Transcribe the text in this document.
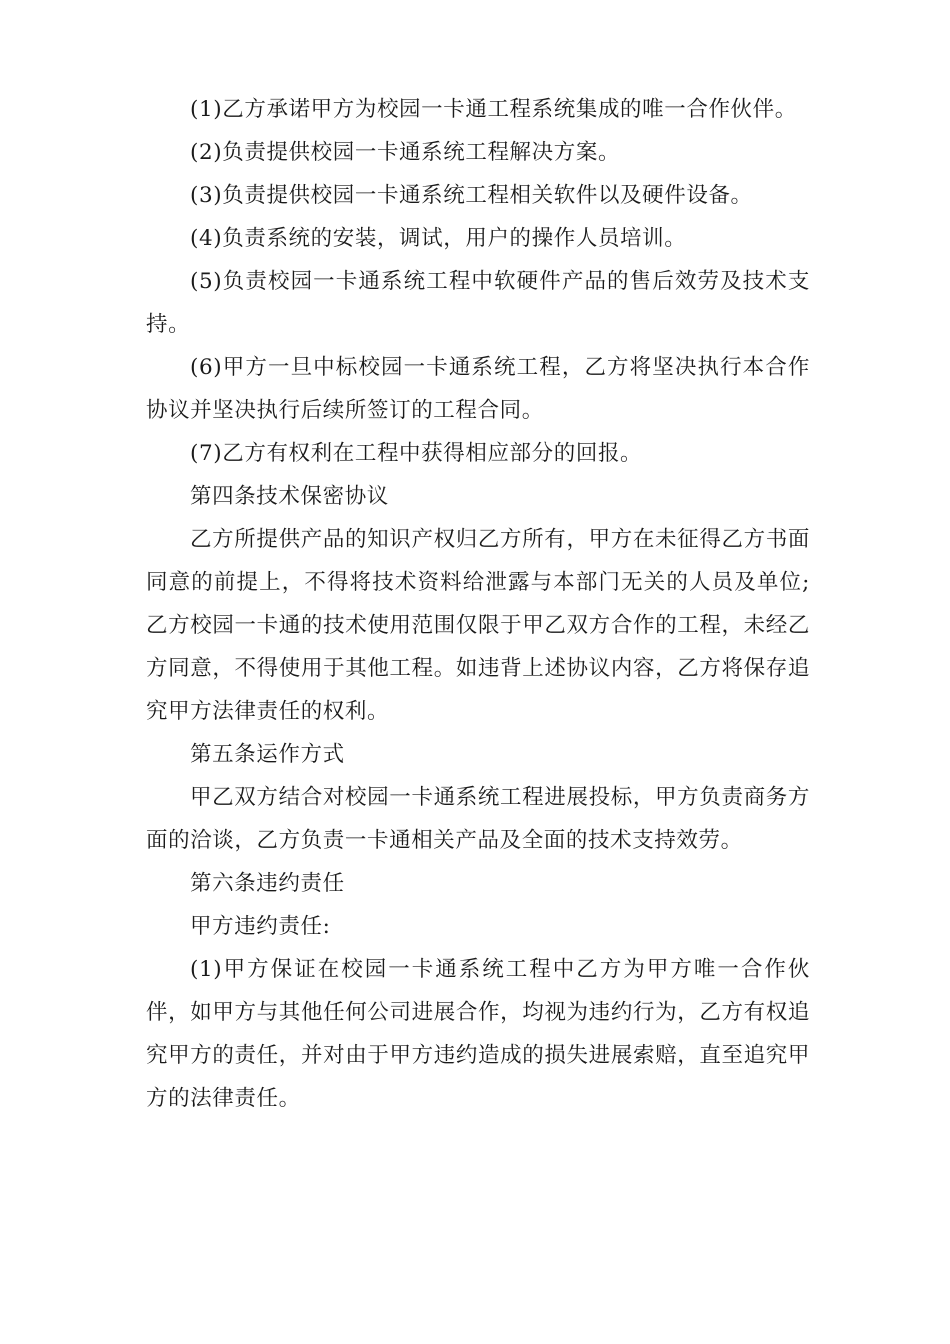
(1)乙方承诺甲方为校园一卡通工程系统集成的唯一合作伙伴。

(2)负责提供校园一卡通系统工程解决方案。

(3)负责提供校园一卡通系统工程相关软件以及硬件设备。

(4)负责系统的安装，调试，用户的操作人员培训。

(5)负责校园一卡通系统工程中软硬件产品的售后效劳及技术支持。

(6)甲方一旦中标校园一卡通系统工程，乙方将坚决执行本合作协议并坚决执行后续所签订的工程合同。

(7)乙方有权利在工程中获得相应部分的回报。

第四条技术保密协议

乙方所提供产品的知识产权归乙方所有，甲方在未征得乙方书面同意的前提上，不得将技术资料给泄露与本部门无关的人员及单位;乙方校园一卡通的技术使用范围仅限于甲乙双方合作的工程，未经乙方同意，不得使用于其他工程。如违背上述协议内容，乙方将保存追究甲方法律责任的权利。

第五条运作方式

甲乙双方结合对校园一卡通系统工程进展投标，甲方负责商务方面的洽谈，乙方负责一卡通相关产品及全面的技术支持效劳。

第六条违约责任

甲方违约责任:

(1)甲方保证在校园一卡通系统工程中乙方为甲方唯一合作伙伴，如甲方与其他任何公司进展合作，均视为违约行为，乙方有权追究甲方的责任，并对由于甲方违约造成的损失进展索赔，直至追究甲方的法律责任。
